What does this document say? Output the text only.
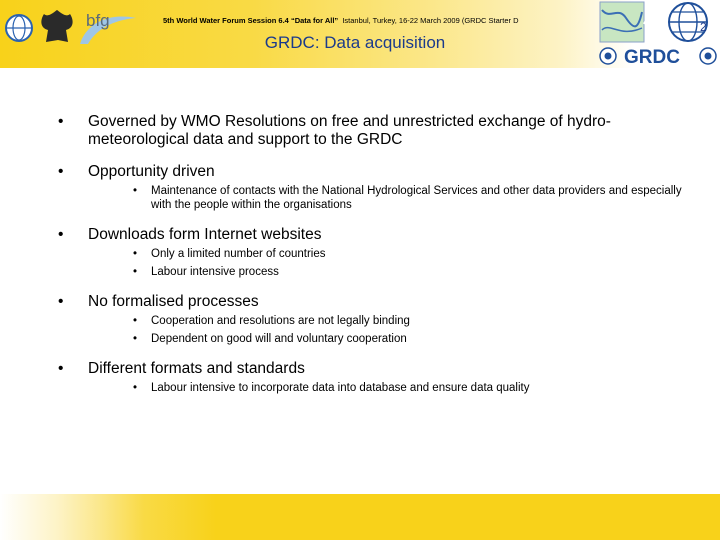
GRDC: Data acquisition
GRDC
• Governed by WMO Resolutions on free and unrestricted exchange of hydro-meteorological data and support to the GRDC
• Opportunity driven
• Maintenance of contacts with the National Hydrological Services and other data providers and especially with the people within the organisations
• Downloads form Internet websites
• Only a limited number of countries
• Labour intensive process
• No formalised processes
• Cooperation and resolutions are not legally binding
• Dependent on good will and voluntary cooperation
• Different formats and standards
• Labour intensive to incorporate data into database and ensure data quality
bfg	5th World Water Forum Session 6.4 “Data for All” Istanbul, Turkey, 16-22 March 2009 (GRDC Starter D	2
